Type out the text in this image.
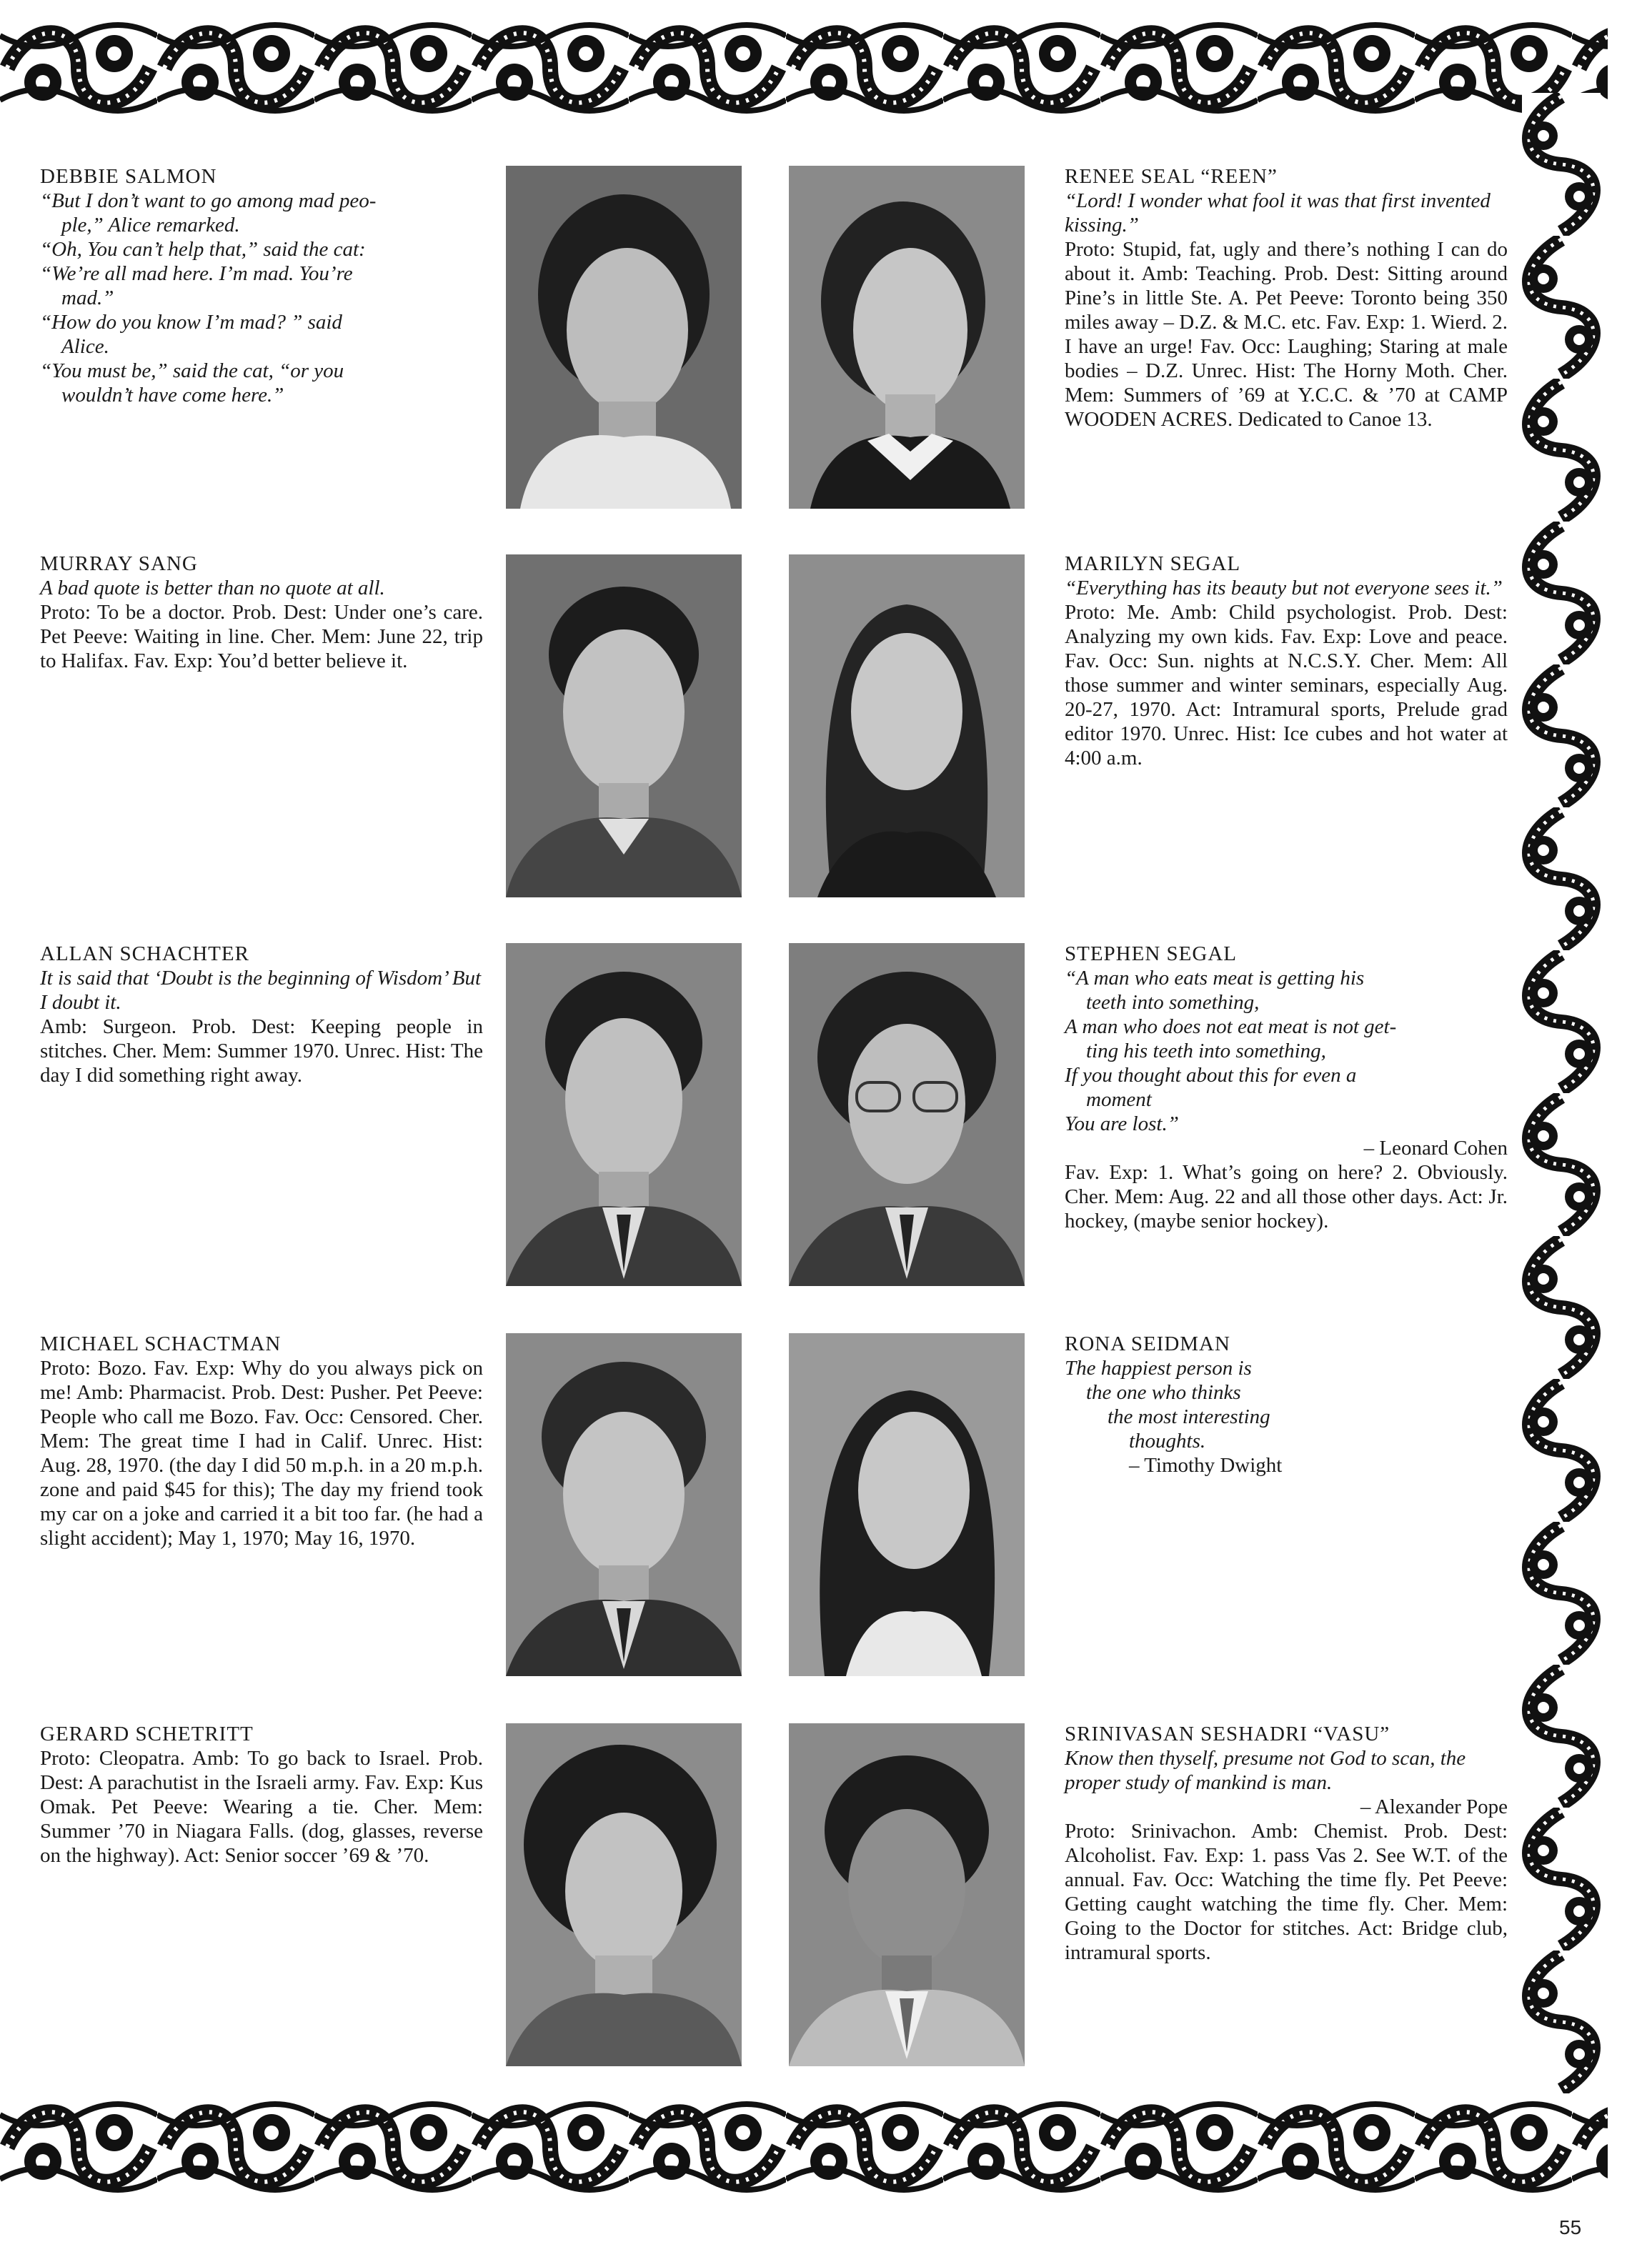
DEBBIE SALMON
“But I don’t want to go among mad peo-
ple,” Alice remarked.
“Oh, You can’t help that,” said the cat:
“We’re all mad here. I’m mad. You’re
mad.”
“How do you know I’m mad? ” said
Alice.
“You must be,” said the cat, “or you
wouldn’t have come here.”
RENEE SEAL “REEN”
“Lord! I wonder what fool it was that first invented kissing.”
Proto: Stupid, fat, ugly and there’s nothing I can do about it. Amb: Teaching. Prob. Dest: Sitting around Pine’s in little Ste. A. Pet Peeve: Toronto being 350 miles away – D.Z. & M.C. etc. Fav. Exp: 1. Wierd. 2. I have an urge! Fav. Occ: Laughing; Staring at male bodies – D.Z. Unrec. Hist: The Horny Moth. Cher. Mem: Summers of ’69 at Y.C.C. & ’70 at CAMP WOODEN ACRES. Dedicated to Canoe 13.
MURRAY SANG
A bad quote is better than no quote at all.
Proto: To be a doctor. Prob. Dest: Under one’s care. Pet Peeve: Waiting in line. Cher. Mem: June 22, trip to Halifax. Fav. Exp: You’d better believe it.
MARILYN SEGAL
“Everything has its beauty but not everyone sees it.”
Proto: Me. Amb: Child psychologist. Prob. Dest: Analyzing my own kids. Fav. Exp: Love and peace. Fav. Occ: Sun. nights at N.C.S.Y. Cher. Mem: All those summer and winter seminars, especially Aug. 20-27, 1970. Act: Intramural sports, Prelude grad editor 1970. Unrec. Hist: Ice cubes and hot water at 4:00 a.m.
ALLAN SCHACHTER
It is said that ‘Doubt is the beginning of Wisdom’ But I doubt it.
Amb: Surgeon. Prob. Dest: Keeping people in stitches. Cher. Mem: Summer 1970. Unrec. Hist: The day I did something right away.
STEPHEN SEGAL
“A man who eats meat is getting his
teeth into something,
A man who does not eat meat is not get-
ting his teeth into something,
If you thought about this for even a
moment
You are lost.”
– Leonard Cohen
Fav. Exp: 1. What’s going on here? 2. Obviously. Cher. Mem: Aug. 22 and all those other days. Act: Jr. hockey, (maybe senior hockey).
MICHAEL SCHACTMAN
Proto: Bozo. Fav. Exp: Why do you always pick on me! Amb: Pharmacist. Prob. Dest: Pusher. Pet Peeve: People who call me Bozo. Fav. Occ: Censored. Cher. Mem: The great time I had in Calif. Unrec. Hist: Aug. 28, 1970. (the day I did 50 m.p.h. in a 20 m.p.h. zone and paid $45 for this); The day my friend took my car on a joke and carried it a bit too far. (he had a slight accident); May 1, 1970; May 16, 1970.
RONA SEIDMAN
The happiest person is
the one who thinks
the most interesting
thoughts.
– Timothy Dwight
GERARD SCHETRITT
Proto: Cleopatra. Amb: To go back to Israel. Prob. Dest: A parachutist in the Israeli army. Fav. Exp: Kus Omak. Pet Peeve: Wearing a tie. Cher. Mem: Summer ’70 in Niagara Falls. (dog, glasses, reverse on the highway). Act: Senior soccer ’69 & ’70.
SRINIVASAN SESHADRI “VASU”
Know then thyself, presume not God to scan, the proper study of mankind is man.
– Alexander Pope
Proto: Srinivachon. Amb: Chemist. Prob. Dest: Alcoholist. Fav. Exp: 1. pass Vas 2. See W.T. of the annual. Fav. Occ: Watching the time fly. Pet Peeve: Getting caught watching the time fly. Cher. Mem: Going to the Doctor for stitches. Act: Bridge club, intramural sports.
55
